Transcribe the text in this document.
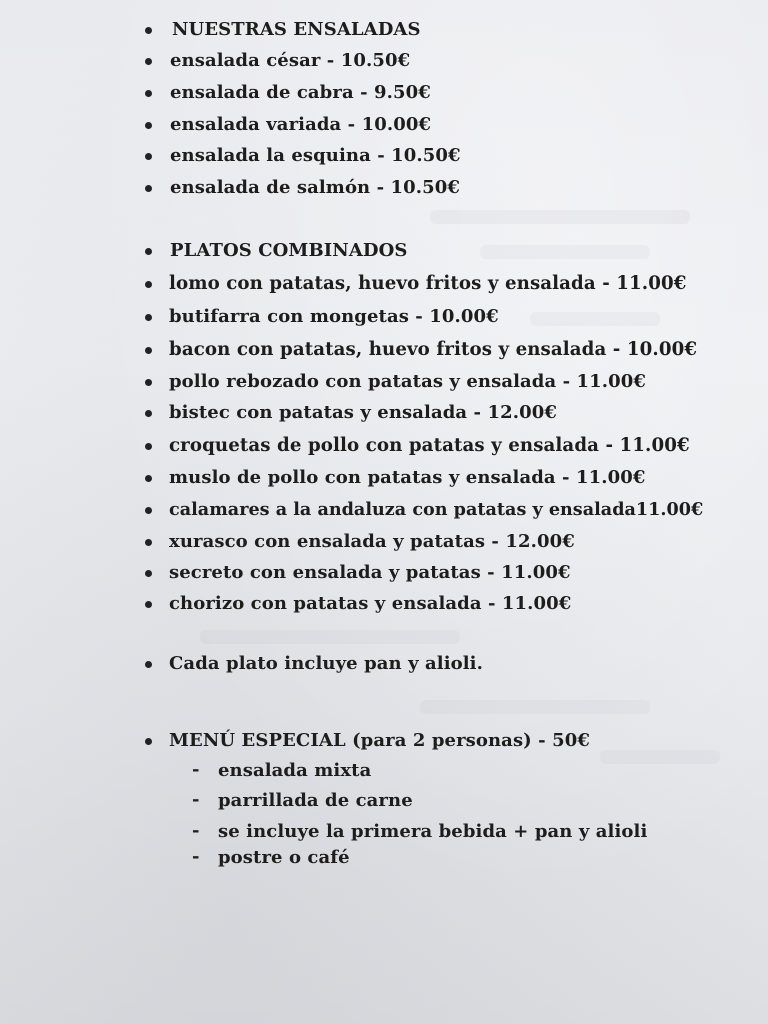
NUESTRAS ENSALADAS
ensalada césar - 10.50€
ensalada de cabra - 9.50€
ensalada variada - 10.00€
ensalada la esquina - 10.50€
ensalada de salmón - 10.50€
PLATOS COMBINADOS
lomo con patatas, huevo fritos y ensalada - 11.00€
butifarra con mongetas - 10.00€
bacon con patatas, huevo fritos y ensalada - 10.00€
pollo rebozado con patatas y ensalada - 11.00€
bistec con patatas y ensalada - 12.00€
croquetas de pollo con patatas y ensalada - 11.00€
muslo de pollo con patatas y ensalada - 11.00€
calamares a la andaluza con patatas y ensalada11.00€
xurasco con ensalada y patatas - 12.00€
secreto con ensalada y patatas - 11.00€
chorizo con patatas y ensalada - 11.00€
Cada plato incluye pan y alioli.
MENÚ ESPECIAL (para 2 personas) - 50€
- ensalada mixta
- parrillada de carne
- se incluye la primera bebida + pan y alioli
- postre o café
